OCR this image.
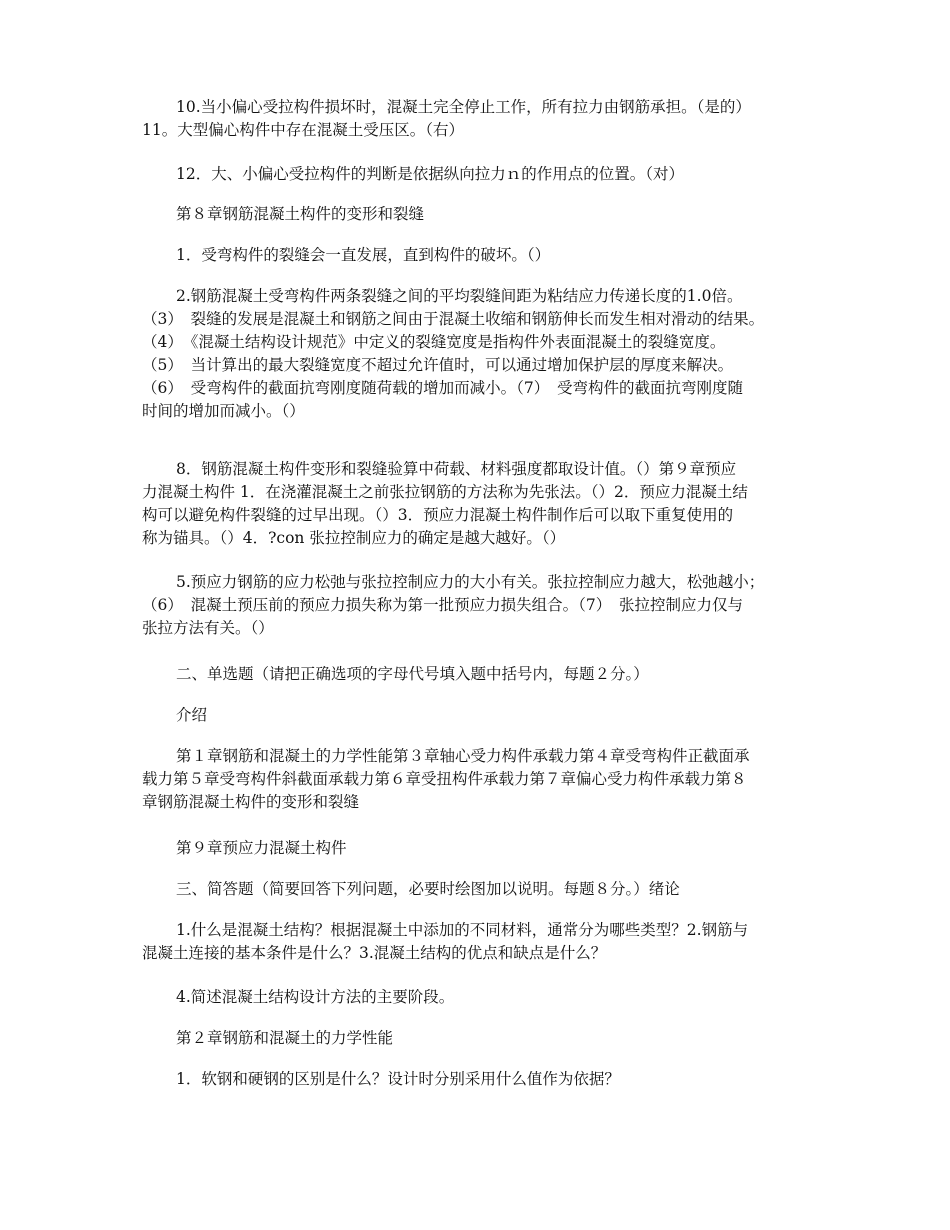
10.当小偏心受拉构件损坏时，混凝土完全停止工作，所有拉力由钢筋承担。（是的）
11。大型偏心构件中存在混凝土受压区。（右）
12．大、小偏心受拉构件的判断是依据纵向拉力ｎ的作用点的位置。（对）
第８章钢筋混凝土构件的变形和裂缝
1．受弯构件的裂缝会一直发展，直到构件的破坏。（）
2.钢筋混凝土受弯构件两条裂缝之间的平均裂缝间距为粘结应力传递长度的1.0倍。
（3）　裂缝的发展是混凝土和钢筋之间由于混凝土收缩和钢筋伸长而发生相对滑动的结果。
（4）　《混凝土结构设计规范》中定义的裂缝宽度是指构件外表面混凝土的裂缝宽度。
（5）　当计算出的最大裂缝宽度不超过允许值时，可以通过增加保护层的厚度来解决。
（6）　受弯构件的截面抗弯刚度随荷载的增加而减小。（7）　受弯构件的截面抗弯刚度随
时间的增加而减小。（）
8．钢筋混凝土构件变形和裂缝验算中荷载、材料强度都取设计值。（）第９章预应
力混凝土构件 1．在浇灌混凝土之前张拉钢筋的方法称为先张法。（）2．预应力混凝土结
构可以避免构件裂缝的过早出现。（）3．预应力混凝土构件制作后可以取下重复使用的
称为锚具。（）4．?con 张拉控制应力的确定是越大越好。（）
5.预应力钢筋的应力松弛与张拉控制应力的大小有关。张拉控制应力越大，松弛越小；
（6）　混凝土预压前的预应力损失称为第一批预应力损失组合。（7）　张拉控制应力仅与
张拉方法有关。（）
二、单选题（请把正确选项的字母代号填入题中括号内，每题２分。）
介绍
第１章钢筋和混凝土的力学性能第３章轴心受力构件承载力第４章受弯构件正截面承
载力第５章受弯构件斜截面承载力第６章受扭构件承载力第７章偏心受力构件承载力第８
章钢筋混凝土构件的变形和裂缝
第９章预应力混凝土构件
三、简答题（简要回答下列问题，必要时绘图加以说明。每题８分。）绪论
1.什么是混凝土结构？根据混凝土中添加的不同材料，通常分为哪些类型？2.钢筋与
混凝土连接的基本条件是什么？3.混凝土结构的优点和缺点是什么？
4.简述混凝土结构设计方法的主要阶段。
第２章钢筋和混凝土的力学性能
1．软钢和硬钢的区别是什么？设计时分别采用什么值作为依据？
